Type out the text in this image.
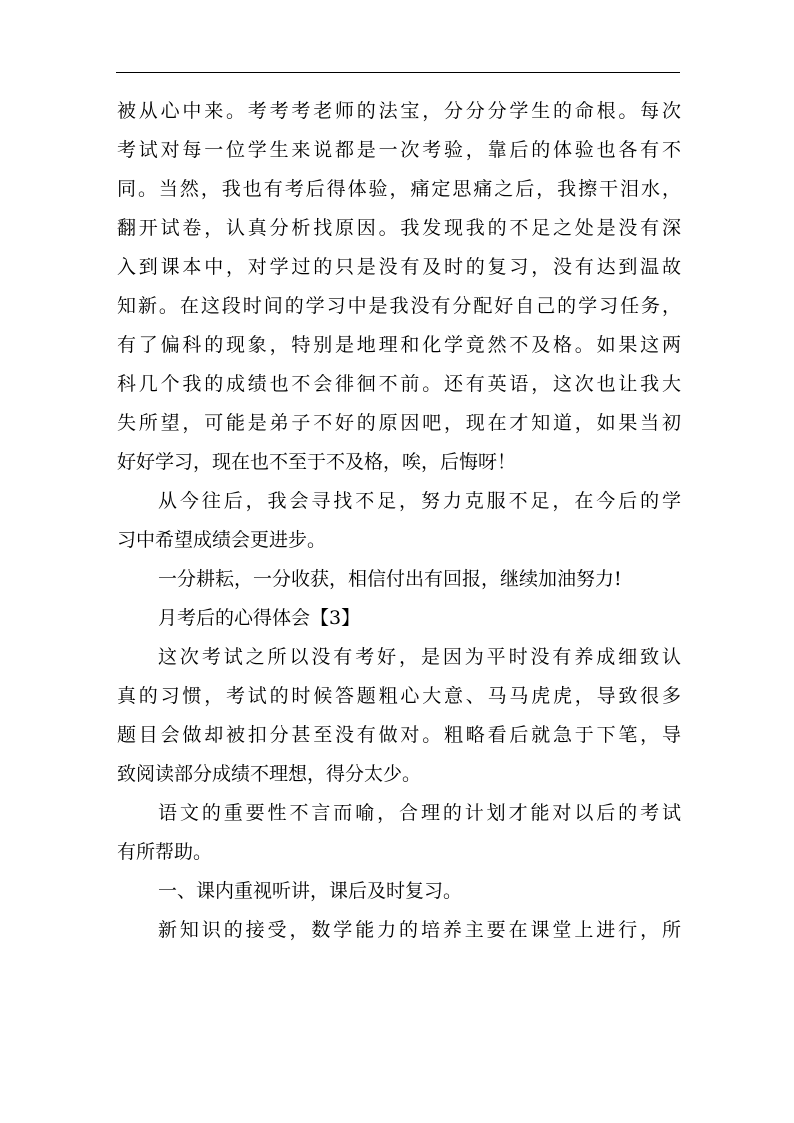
被从心中来。考考考老师的法宝，分分分学生的命根。每次
考试对每一位学生来说都是一次考验，靠后的体验也各有不
同。当然，我也有考后得体验，痛定思痛之后，我擦干泪水，
翻开试卷，认真分析找原因。我发现我的不足之处是没有深
入到课本中，对学过的只是没有及时的复习，没有达到温故
知新。在这段时间的学习中是我没有分配好自己的学习任务，
有了偏科的现象，特别是地理和化学竟然不及格。如果这两
科几个我的成绩也不会徘徊不前。还有英语，这次也让我大
失所望，可能是弟子不好的原因吧，现在才知道，如果当初
好好学习，现在也不至于不及格，唉，后悔呀！
从今往后，我会寻找不足，努力克服不足，在今后的学
习中希望成绩会更进步。
一分耕耘，一分收获，相信付出有回报，继续加油努力!
月考后的心得体会【3】
这次考试之所以没有考好，是因为平时没有养成细致认
真的习惯，考试的时候答题粗心大意、马马虎虎，导致很多
题目会做却被扣分甚至没有做对。粗略看后就急于下笔，导
致阅读部分成绩不理想，得分太少。
语文的重要性不言而喻，合理的计划才能对以后的考试
有所帮助。
一、课内重视听讲，课后及时复习。
新知识的接受，数学能力的培养主要在课堂上进行，所
